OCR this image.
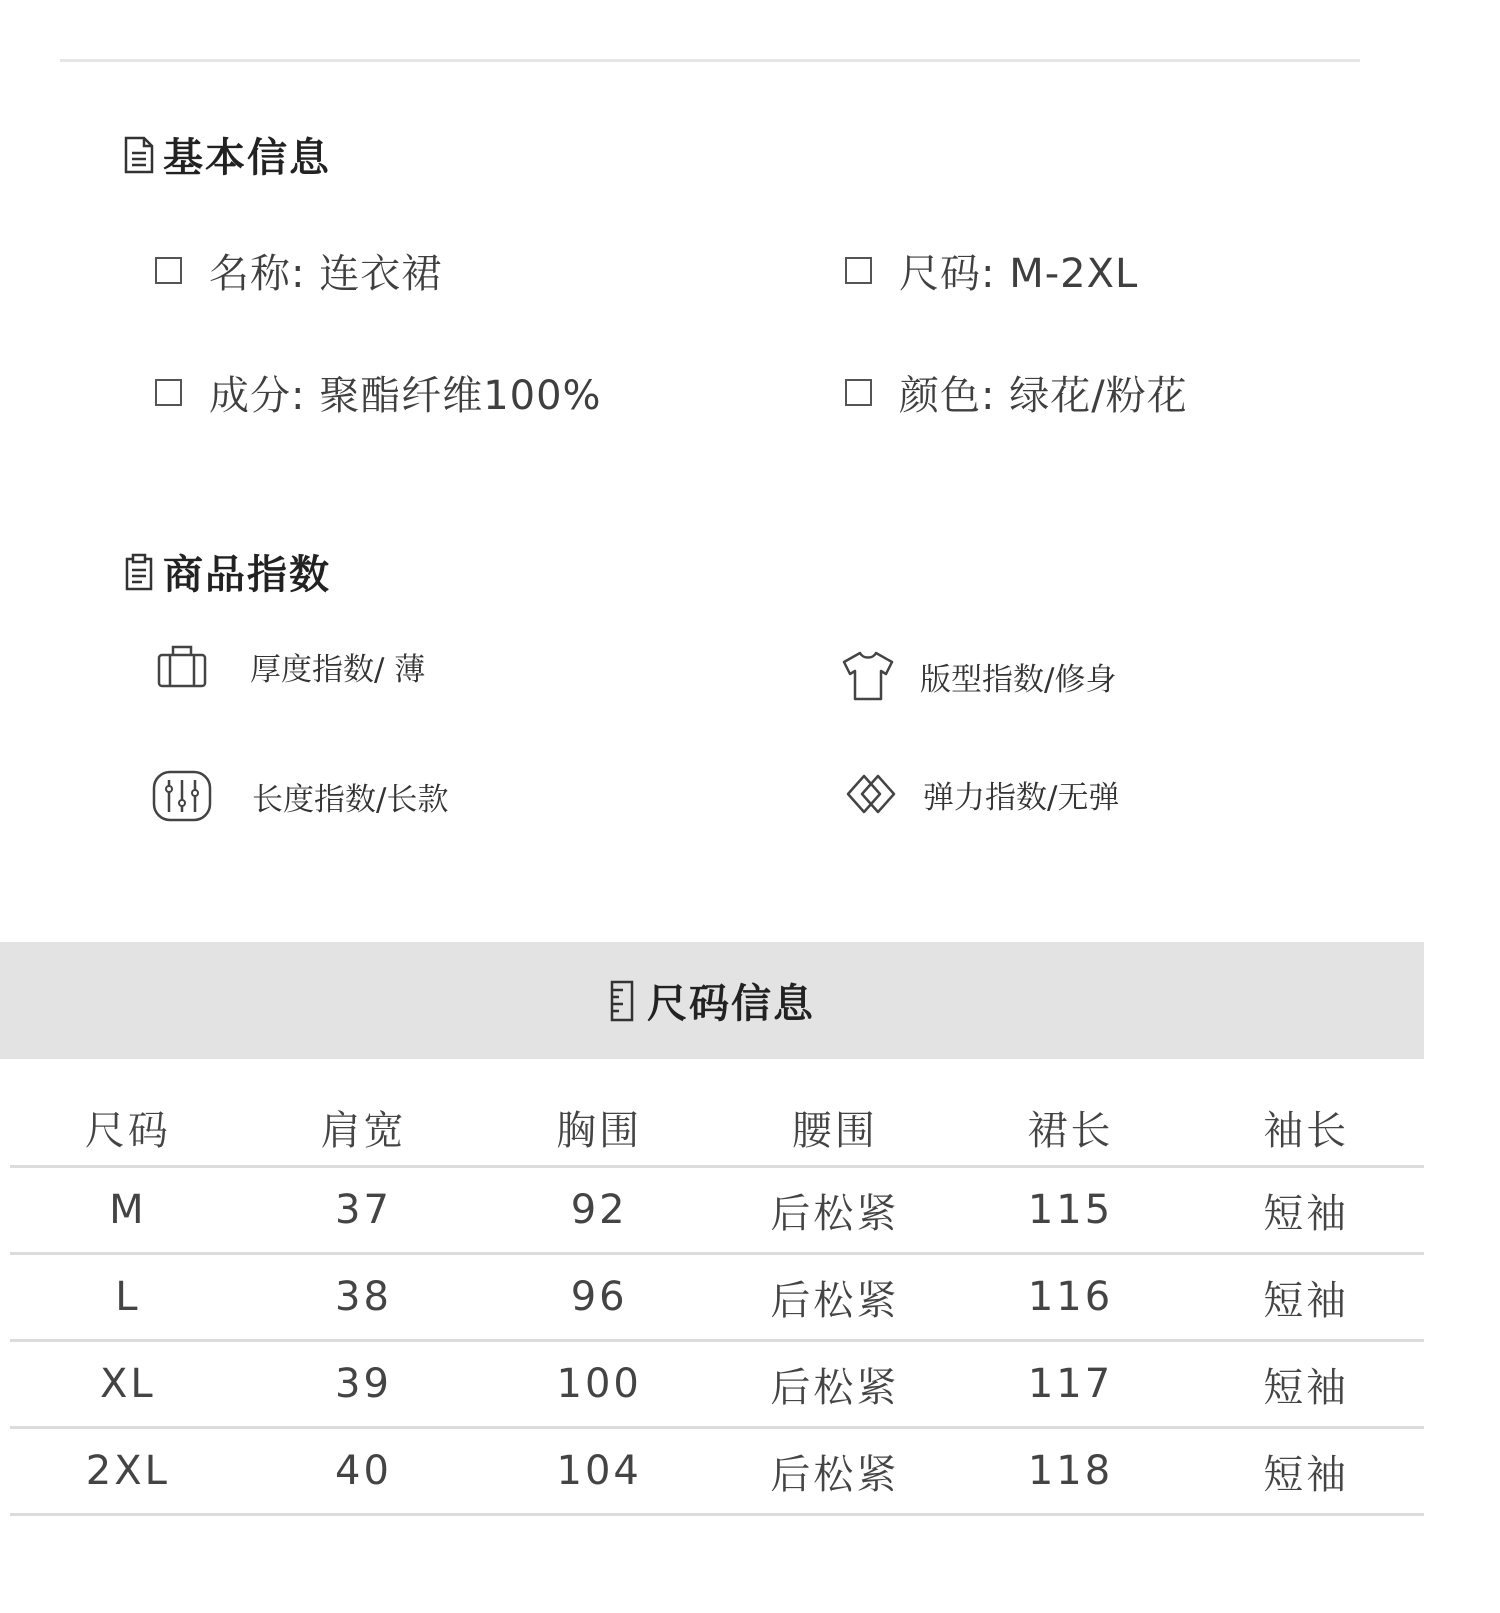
基本信息
名称: 连衣裙	尺码: M-2XL
成分: 聚酯纤维100%	颜色: 绿花/粉花
商品指数
厚度指数/ 薄	版型指数/修身
长度指数/长款	弹力指数/无弹
尺码信息
尺码	肩宽	胸围	腰围	裙长	袖长
M	37	92	后松紧	115	短袖
L	38	96	后松紧	116	短袖
XL	39	100	后松紧	117	短袖
2XL	40	104	后松紧	118	短袖
